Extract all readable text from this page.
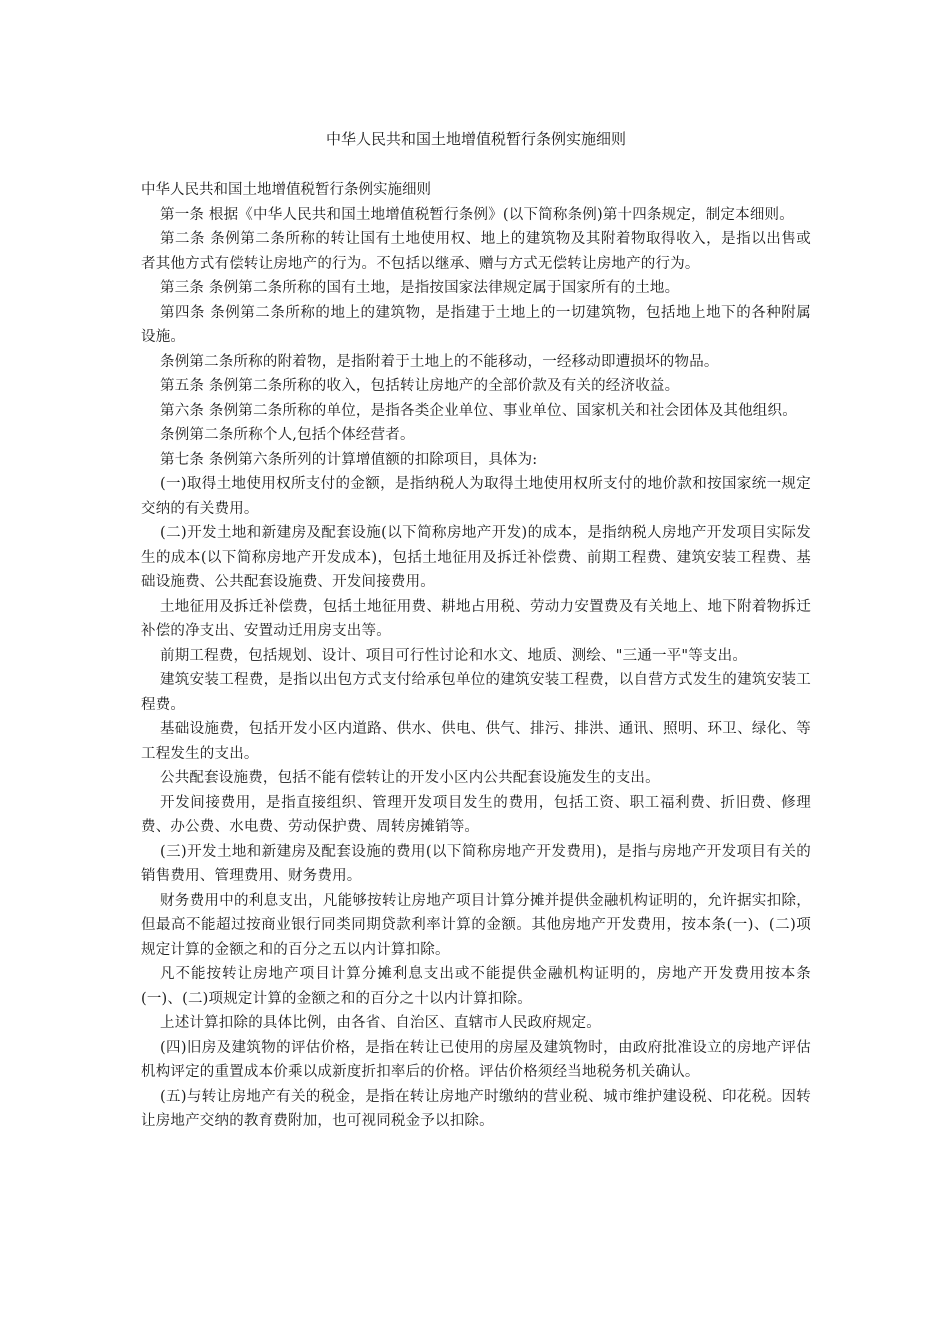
中华人民共和国土地增值税暂行条例实施细则

中华人民共和国土地增值税暂行条例实施细则

第一条 根据《中华人民共和国土地增值税暂行条例》(以下简称条例)第十四条规定，制定本细则。

第二条 条例第二条所称的转让国有土地使用权、地上的建筑物及其附着物取得收入，是指以出售或者其他方式有偿转让房地产的行为。不包括以继承、赠与方式无偿转让房地产的行为。

第三条 条例第二条所称的国有土地，是指按国家法律规定属于国家所有的土地。

第四条 条例第二条所称的地上的建筑物，是指建于土地上的一切建筑物，包括地上地下的各种附属设施。

条例第二条所称的附着物，是指附着于土地上的不能移动，一经移动即遭损坏的物品。

第五条 条例第二条所称的收入，包括转让房地产的全部价款及有关的经济收益。

第六条 条例第二条所称的单位，是指各类企业单位、事业单位、国家机关和社会团体及其他组织。

条例第二条所称个人,包括个体经营者。

第七条 条例第六条所列的计算增值额的扣除项目，具体为:

(一)取得土地使用权所支付的金额，是指纳税人为取得土地使用权所支付的地价款和按国家统一规定交纳的有关费用。

(二)开发土地和新建房及配套设施(以下简称房地产开发)的成本，是指纳税人房地产开发项目实际发生的成本(以下简称房地产开发成本)，包括土地征用及拆迁补偿费、前期工程费、建筑安装工程费、基础设施费、公共配套设施费、开发间接费用。

土地征用及拆迁补偿费，包括土地征用费、耕地占用税、劳动力安置费及有关地上、地下附着物拆迁补偿的净支出、安置动迁用房支出等。

前期工程费，包括规划、设计、项目可行性讨论和水文、地质、测绘、"三通一平"等支出。

建筑安装工程费，是指以出包方式支付给承包单位的建筑安装工程费，以自营方式发生的建筑安装工程费。

基础设施费，包括开发小区内道路、供水、供电、供气、排污、排洪、通讯、照明、环卫、绿化、等工程发生的支出。

公共配套设施费，包括不能有偿转让的开发小区内公共配套设施发生的支出。

开发间接费用，是指直接组织、管理开发项目发生的费用，包括工资、职工福利费、折旧费、修理费、办公费、水电费、劳动保护费、周转房摊销等。

(三)开发土地和新建房及配套设施的费用(以下简称房地产开发费用)，是指与房地产开发项目有关的销售费用、管理费用、财务费用。

财务费用中的利息支出，凡能够按转让房地产项目计算分摊并提供金融机构证明的，允许据实扣除，但最高不能超过按商业银行同类同期贷款利率计算的金额。其他房地产开发费用，按本条(一)、(二)项规定计算的金额之和的百分之五以内计算扣除。

凡不能按转让房地产项目计算分摊利息支出或不能提供金融机构证明的，房地产开发费用按本条(一)、(二)项规定计算的金额之和的百分之十以内计算扣除。

上述计算扣除的具体比例，由各省、自治区、直辖市人民政府规定。

(四)旧房及建筑物的评估价格，是指在转让已使用的房屋及建筑物时，由政府批准设立的房地产评估机构评定的重置成本价乘以成新度折扣率后的价格。评估价格须经当地税务机关确认。

(五)与转让房地产有关的税金，是指在转让房地产时缴纳的营业税、城市维护建设税、印花税。因转让房地产交纳的教育费附加，也可视同税金予以扣除。
